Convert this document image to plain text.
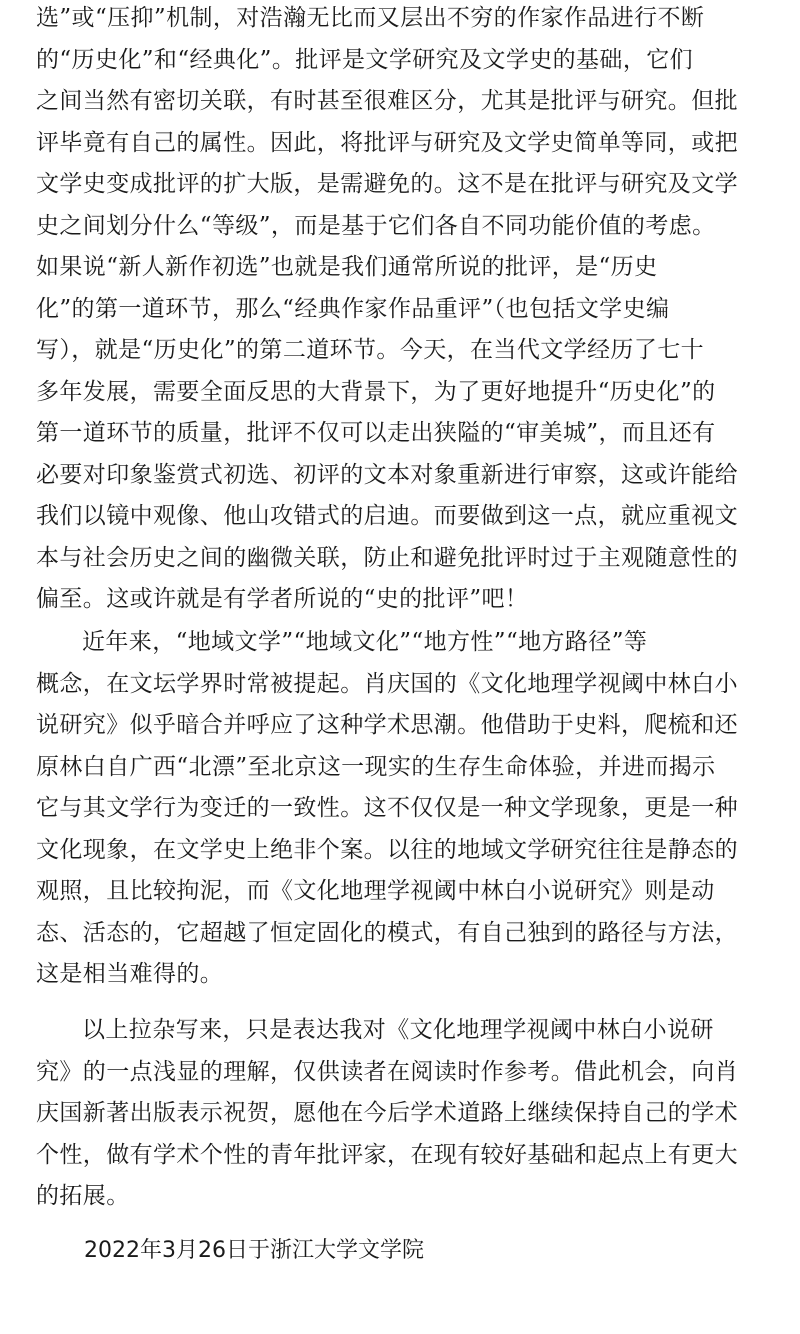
选”或“压抑”机制，对浩瀚无比而又层出不穷的作家作品进行不断
的“历史化”和“经典化”。批评是文学研究及文学史的基础，它们
之间当然有密切关联，有时甚至很难区分，尤其是批评与研究。但批
评毕竟有自己的属性。因此，将批评与研究及文学史简单等同，或把
文学史变成批评的扩大版，是需避免的。这不是在批评与研究及文学
史之间划分什么“等级”，而是基于它们各自不同功能价值的考虑。
如果说“新人新作初选”也就是我们通常所说的批评，是“历史
化”的第一道环节，那么“经典作家作品重评”（也包括文学史编
写），就是“历史化”的第二道环节。今天，在当代文学经历了七十
多年发展，需要全面反思的大背景下，为了更好地提升“历史化”的
第一道环节的质量，批评不仅可以走出狭隘的“审美城”，而且还有
必要对印象鉴赏式初选、初评的文本对象重新进行审察，这或许能给
我们以镜中观像、他山攻错式的启迪。而要做到这一点，就应重视文
本与社会历史之间的幽微关联，防止和避免批评时过于主观随意性的
偏至。这或许就是有学者所说的“史的批评”吧！

近年来，“地域文学”“地域文化”“地方性”“地方路径”等
概念，在文坛学界时常被提起。肖庆国的《文化地理学视阈中林白小
说研究》似乎暗合并呼应了这种学术思潮。他借助于史料，爬梳和还
原林白自广西“北漂”至北京这一现实的生存生命体验，并进而揭示
它与其文学行为变迁的一致性。这不仅仅是一种文学现象，更是一种
文化现象，在文学史上绝非个案。以往的地域文学研究往往是静态的
观照，且比较拘泥，而《文化地理学视阈中林白小说研究》则是动
态、活态的，它超越了恒定固化的模式，有自己独到的路径与方法，
这是相当难得的。

以上拉杂写来，只是表达我对《文化地理学视阈中林白小说研
究》的一点浅显的理解，仅供读者在阅读时作参考。借此机会，向肖
庆国新著出版表示祝贺，愿他在今后学术道路上继续保持自己的学术
个性，做有学术个性的青年批评家，在现有较好基础和起点上有更大
的拓展。

2022年3月26日于浙江大学文学院
